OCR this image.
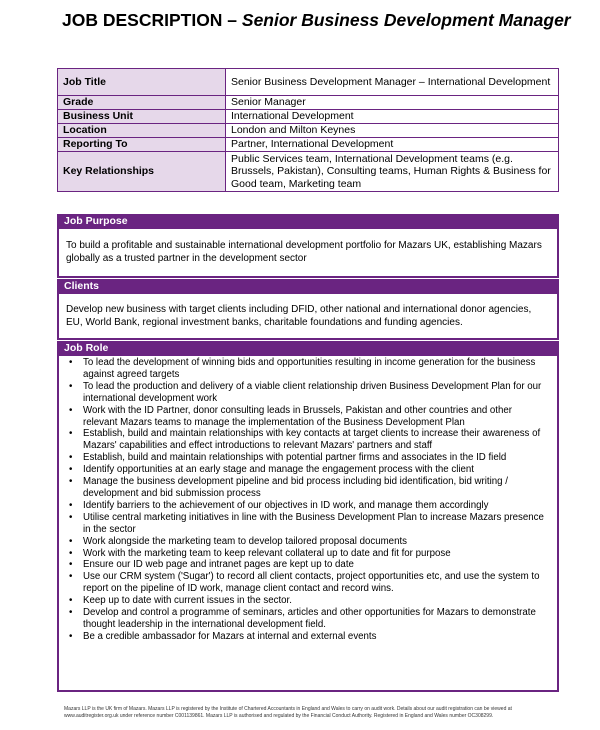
JOB DESCRIPTION – Senior Business Development Manager
Job Title	Senior Business Development Manager – International Development
Grade	Senior Manager
Business Unit	International Development
Location	London and Milton Keynes
Reporting To	Partner, International Development
Key Relationships	Public Services team, International Development teams (e.g. Brussels, Pakistan), Consulting teams, Human Rights & Business for Good team, Marketing team
Job Purpose
To build a profitable and sustainable international development portfolio for Mazars UK, establishing Mazars globally as a trusted partner in the development sector
Clients
Develop new business with target clients including DFID, other national and international donor agencies, EU, World Bank, regional investment banks, charitable foundations and funding agencies.
Job Role
• To lead the development of winning bids and opportunities resulting in income generation for the business against agreed targets
• To lead the production and delivery of a viable client relationship driven Business Development Plan for our international development work
• Work with the ID Partner, donor consulting leads in Brussels, Pakistan and other countries and other relevant Mazars teams to manage the implementation of the Business Development Plan
• Establish, build and maintain relationships with key contacts at target clients to increase their awareness of Mazars' capabilities and effect introductions to relevant Mazars' partners and staff
• Establish, build and maintain relationships with potential partner firms and associates in the ID field
• Identify opportunities at an early stage and manage the engagement process with the client
• Manage the business development pipeline and bid process including bid identification, bid writing / development and bid submission process
• Identify barriers to the achievement of our objectives in ID work, and manage them accordingly
• Utilise central marketing initiatives in line with the Business Development Plan to increase Mazars presence in the sector
• Work alongside the marketing team to develop tailored proposal documents
• Work with the marketing team to keep relevant collateral up to date and fit for purpose
• Ensure our ID web page and intranet pages are kept up to date
• Use our CRM system ('Sugar') to record all client contacts, project opportunities etc, and use the system to report on the pipeline of ID work, manage client contact and record wins.
• Keep up to date with current issues in the sector.
• Develop and control a programme of seminars, articles and other opportunities for Mazars to demonstrate thought leadership in the international development field.
• Be a credible ambassador for Mazars at internal and external events
Mazars LLP is the UK firm of Mazars. Mazars LLP is registered by the Institute of Chartered Accountants in England and Wales to carry on audit work. Details about our audit registration can be viewed at www.auditregister.org.uk under reference number C001139861. Mazars LLP is authorised and regulated by the Financial Conduct Authority. Registered in England and Wales number OC308299.
